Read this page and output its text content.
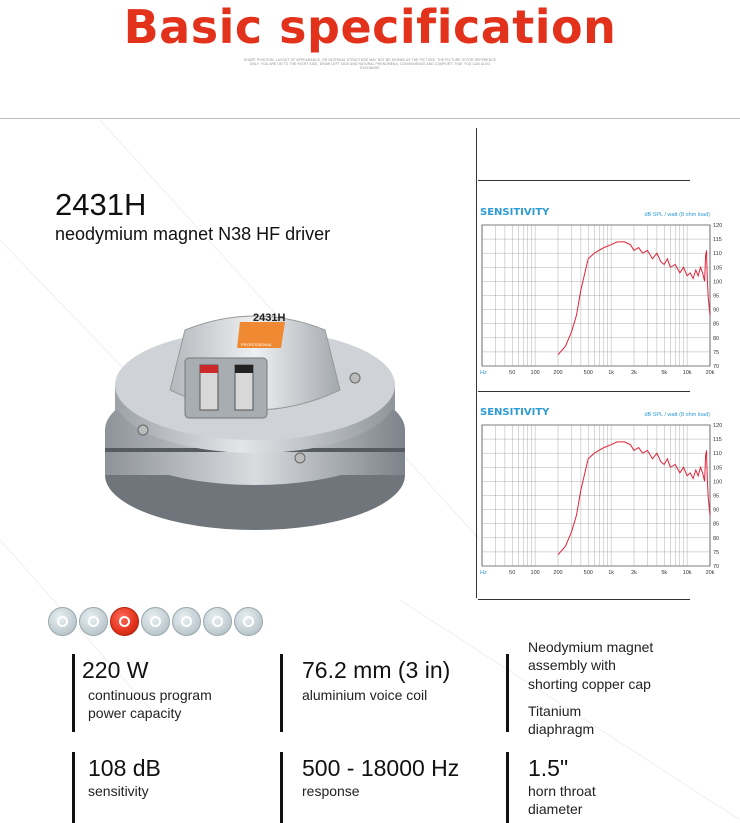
Basic specification
SHAPE POSITION, LAYOUT OF APPEARANCE, OR INTERNAL STRUCTURE MAY NOT BE SHOWN AS THE PICTURE. THE PICTURE IS FOR REFERENCE ONLY. YOU ARE ON TO THE RIGHT SIDE, DRAW LEFT SIDE AND NATURAL PHENOMENA, CONVENIENCE AND COMFORT. THAT YOU CAN ALSO EXCHANGE
2431H
neodymium magnet N38 HF driver
2431H
PROFESSIONAL
SENSITIVITY	dB SPL / watt (8 ohm load)
70
75
80
85
90
95
100
105
110
115
120
50	100 200	500	1k	2k	5k	10k	20k
Hz
SENSITIVITY	dB SPL / watt (8 ohm load)
70
75
80
85
90
95
100
105
110
115
120
50	100 200	500	1k	2k	5k	10k	20k
Hz
220 W
continuous program
power capacity
76.2 mm (3 in)
aluminium voice coil
Neodymium magnet
assembly with
shorting copper cap
Titanium
diaphragm
108 dB
sensitivity
500 - 18000 Hz
response
1.5"
horn throat
diameter
